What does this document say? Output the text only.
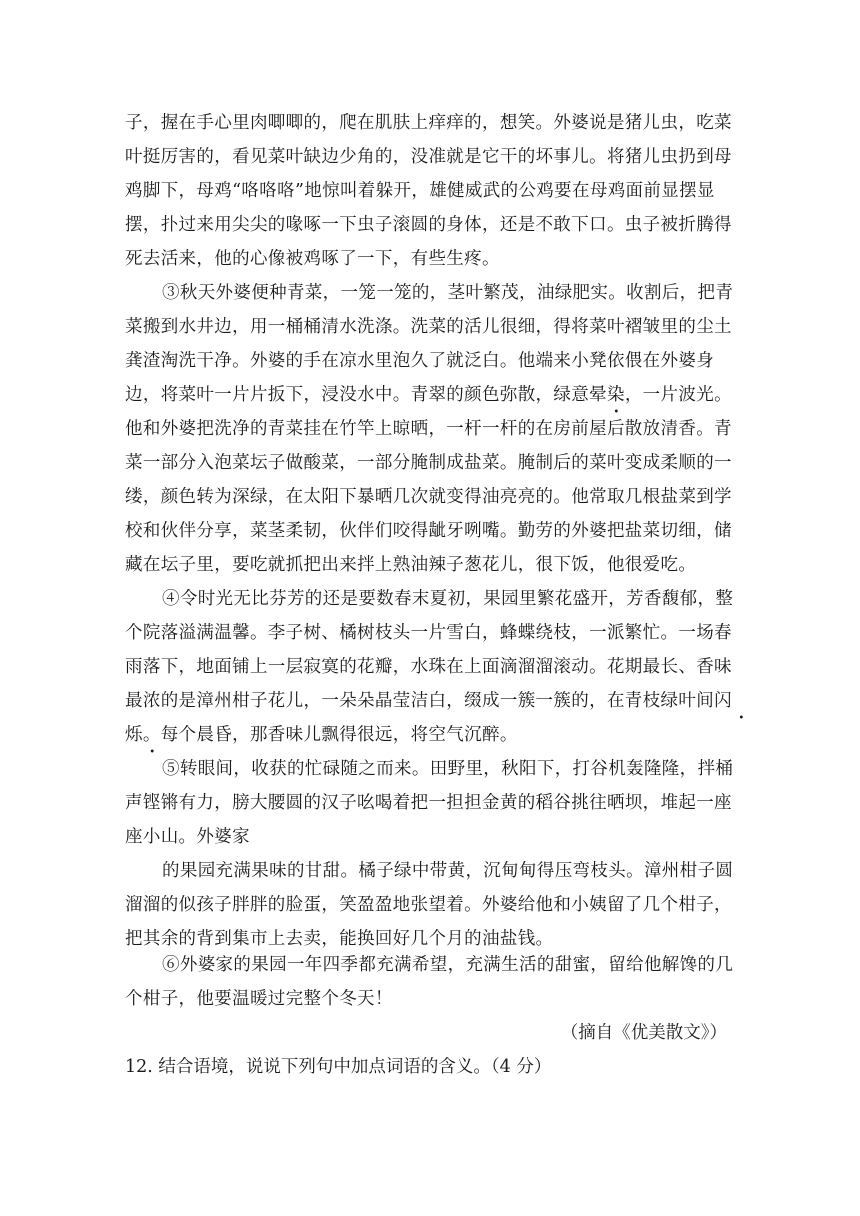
子，握在手心里肉唧唧的，爬在肌肤上痒痒的，想笑。外婆说是猪儿虫，吃菜叶挺厉害的，看见菜叶缺边少角的，没准就是它干的坏事儿。将猪儿虫扔到母鸡脚下，母鸡“咯咯咯”地惊叫着躲开，雄健威武的公鸡要在母鸡面前显摆显摆，扑过来用尖尖的喙啄一下虫子滚圆的身体，还是不敢下口。虫子被折腾得死去活来，他的心像被鸡啄了一下，有些生疼。

③秋天外婆便种青菜，一笼一笼的，茎叶繁茂，油绿肥实。收割后，把青菜搬到水井边，用一桶桶清水洗涤。洗菜的活儿很细，得将菜叶褶皱里的尘土龚渣淘洗干净。外婆的手在凉水里泡久了就泛白。他端来小凳依偎在外婆身边，将菜叶一片片扳下，浸没水中。青翠的颜色弥散，绿意晕染，一片波光。他和外婆把洗净的青菜挂在竹竿上晾晒，一杆一杆的在房前屋后散放清香。青菜一部分入泡菜坛子做酸菜，一部分腌制成盐菜。腌制后的菜叶变成柔顺的一缕，颜色转为深绿，在太阳下暴晒几次就变得油亮亮的。他常取几根盐菜到学校和伙伴分享，菜茎柔韧，伙伴们咬得龇牙咧嘴。勤劳的外婆把盐菜切细，储藏在坛子里，要吃就抓把出来拌上熟油辣子葱花儿，很下饭，他很爱吃。

④令时光无比芬芳的还是要数春末夏初，果园里繁花盛开，芳香馥郁，整个院落溢满温馨。李子树、橘树枝头一片雪白，蜂蝶绕枝，一派繁忙。一场春雨落下，地面铺上一层寂寞的花瓣，水珠在上面滴溜溜滚动。花期最长、香味最浓的是漳州柑子花儿，一朵朵晶莹洁白，缀成一簇一簇的，在青枝绿叶间闪烁。每个晨昏，那香味儿飘得很远，将空气沉醉。

⑤转眼间，收获的忙碌随之而来。田野里，秋阳下，打谷机轰隆隆，拌桶声铿锵有力，膀大腰圆的汉子吆喝着把一担担金黄的稻谷挑往晒坝，堆起一座座小山。外婆家

的果园充满果味的甘甜。橘子绿中带黄，沉甸甸得压弯枝头。漳州柑子圆溜溜的似孩子胖胖的脸蛋，笑盈盈地张望着。外婆给他和小姨留了几个柑子，把其余的背到集市上去卖，能换回好几个月的油盐钱。

⑥外婆家的果园一年四季都充满希望，充满生活的甜蜜，留给他解馋的几个柑子，他要温暖过完整个冬天！

（摘自《优美散文》）

12. 结合语境，说说下列句中加点词语的含义。（4 分）
